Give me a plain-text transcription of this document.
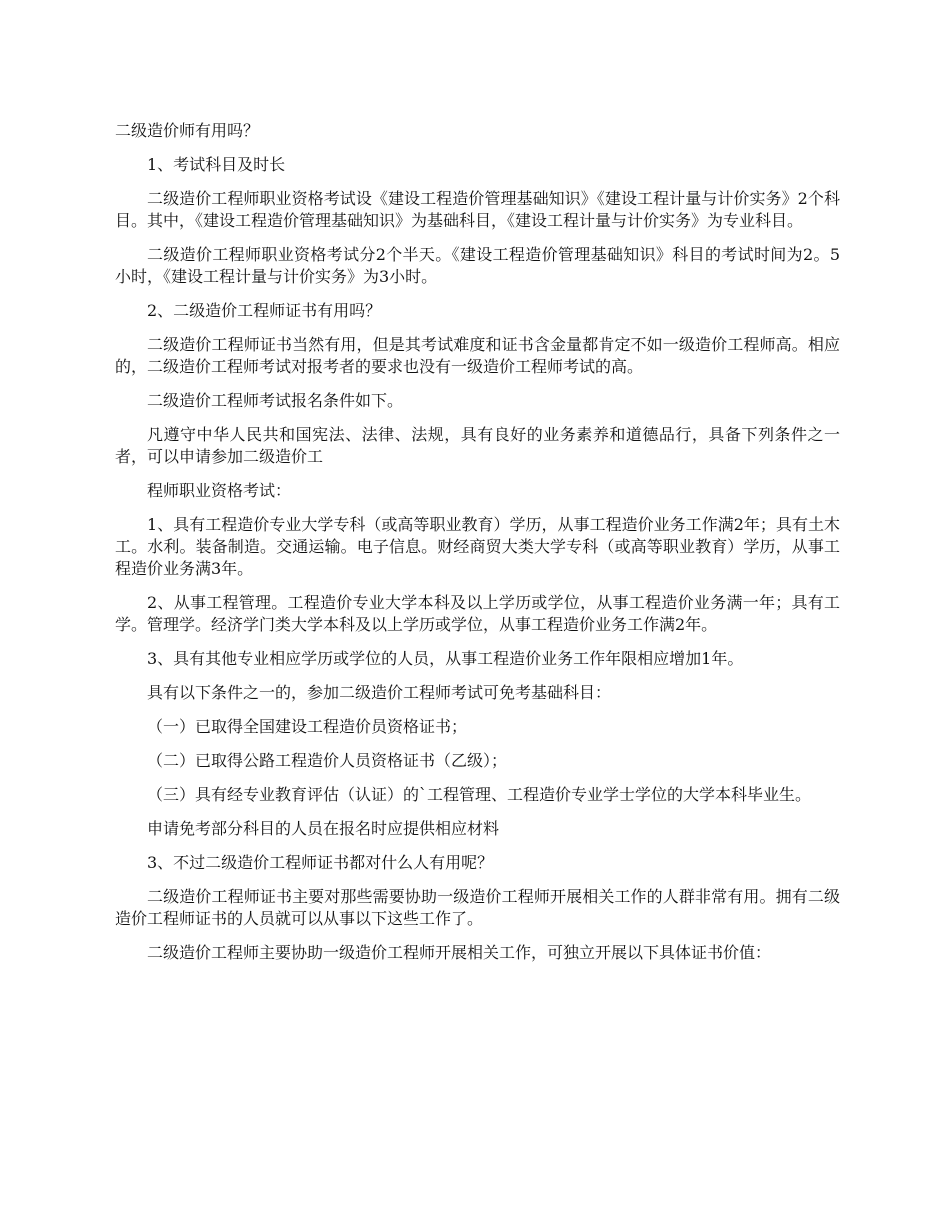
二级造价师有用吗？

1、考试科目及时长

二级造价工程师职业资格考试设《建设工程造价管理基础知识》《建设工程计量与计价实务》2个科目。其中，《建设工程造价管理基础知识》为基础科目，《建设工程计量与计价实务》为专业科目。

二级造价工程师职业资格考试分2个半天。《建设工程造价管理基础知识》科目的考试时间为2。5小时，《建设工程计量与计价实务》为3小时。

2、二级造价工程师证书有用吗？

二级造价工程师证书当然有用，但是其考试难度和证书含金量都肯定不如一级造价工程师高。相应的，二级造价工程师考试对报考者的要求也没有一级造价工程师考试的高。

二级造价工程师考试报名条件如下。

凡遵守中华人民共和国宪法、法律、法规，具有良好的业务素养和道德品行，具备下列条件之一者，可以申请参加二级造价工

程师职业资格考试：

1、具有工程造价专业大学专科（或高等职业教育）学历，从事工程造价业务工作满2年；具有土木工。水利。装备制造。交通运输。电子信息。财经商贸大类大学专科（或高等职业教育）学历，从事工程造价业务满3年。

2、从事工程管理。工程造价专业大学本科及以上学历或学位，从事工程造价业务满一年；具有工学。管理学。经济学门类大学本科及以上学历或学位，从事工程造价业务工作满2年。

3、具有其他专业相应学历或学位的人员，从事工程造价业务工作年限相应增加1年。

具有以下条件之一的，参加二级造价工程师考试可免考基础科目：

（一）已取得全国建设工程造价员资格证书；

（二）已取得公路工程造价人员资格证书（乙级）；

（三）具有经专业教育评估（认证）的`工程管理、工程造价专业学士学位的大学本科毕业生。

申请免考部分科目的人员在报名时应提供相应材料

3、不过二级造价工程师证书都对什么人有用呢？

二级造价工程师证书主要对那些需要协助一级造价工程师开展相关工作的人群非常有用。拥有二级造价工程师证书的人员就可以从事以下这些工作了。

二级造价工程师主要协助一级造价工程师开展相关工作，可独立开展以下具体证书价值：
